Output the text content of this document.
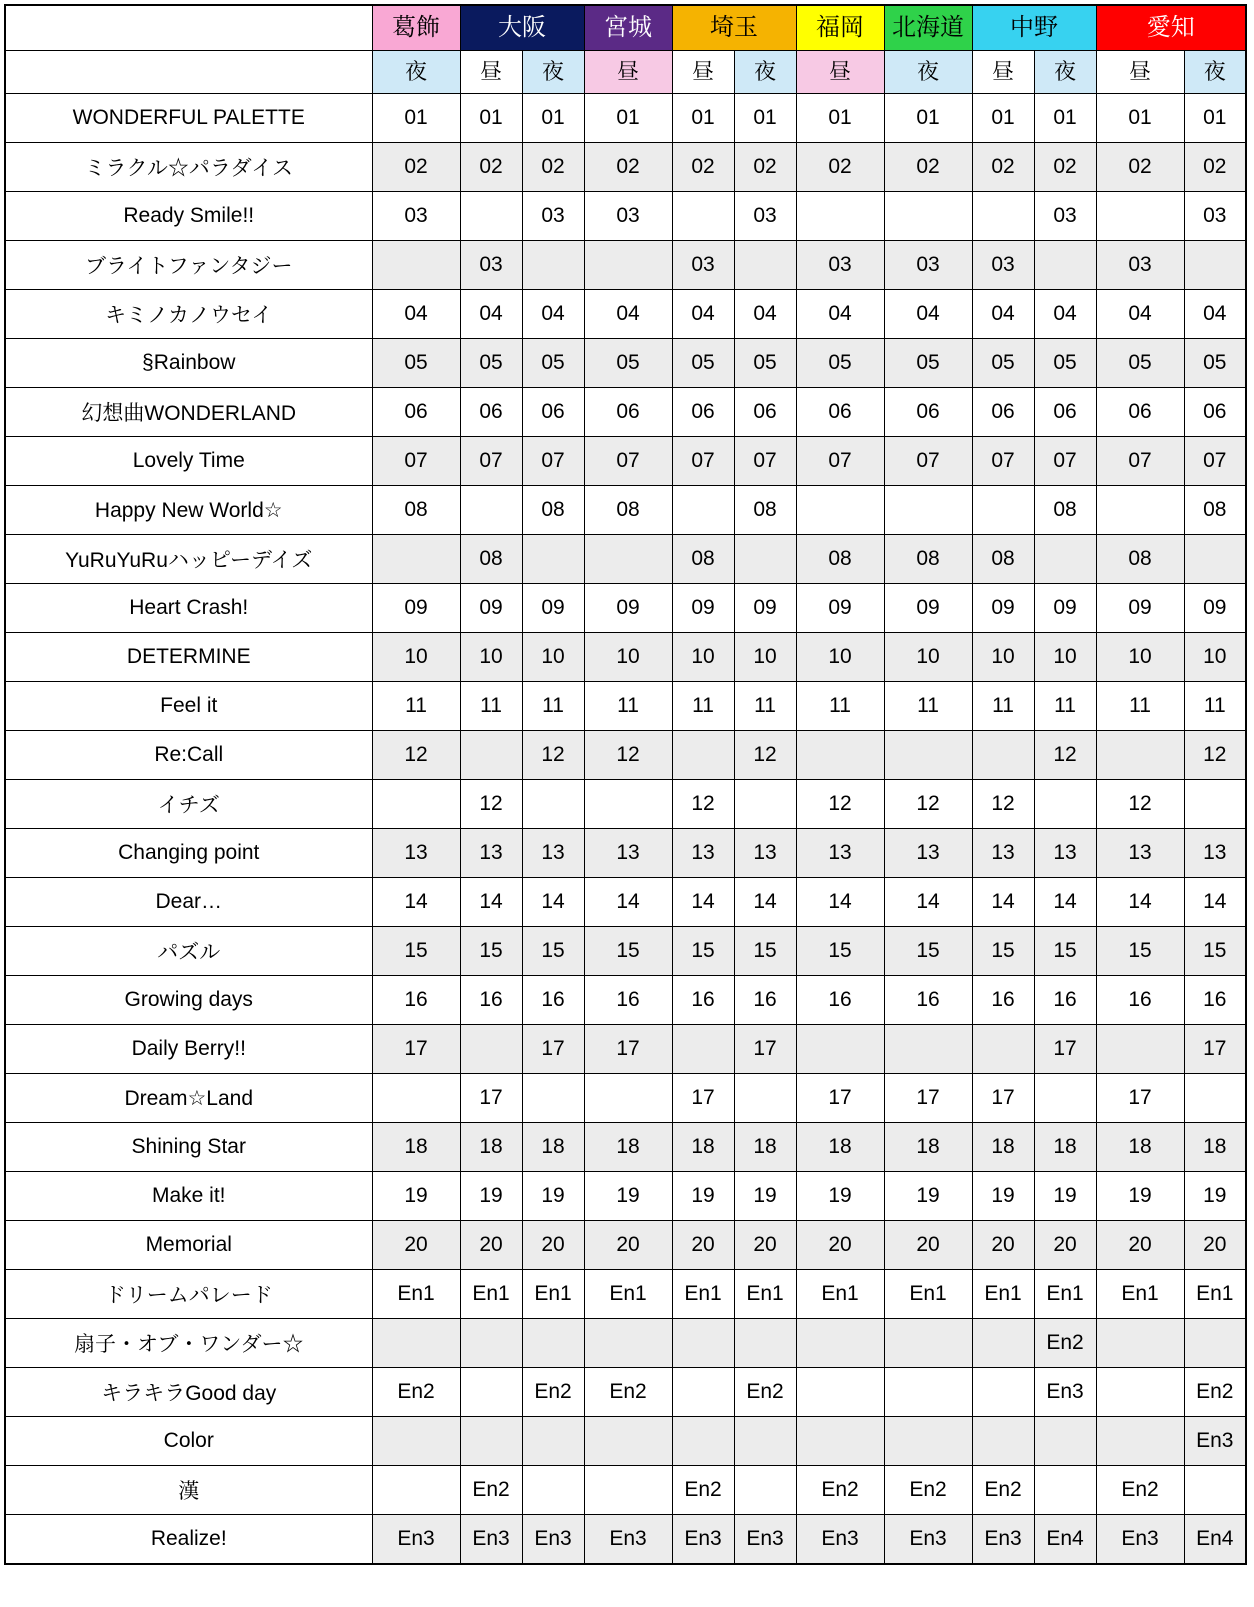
	葛飾	大阪		宮城	埼玉		福岡	北海道	中野		愛知	
	夜	昼	夜	昼	昼	夜	昼	夜	昼	夜	昼	夜
WONDERFUL PALETTE	01	01	01	01	01	01	01	01	01	01	01	01
ミラクル☆パラダイス	02	02	02	02	02	02	02	02	02	02	02	02
Ready Smile!!	03		03	03		03				03		03
ブライトファンタジー		03			03		03	03	03		03	
キミノカノウセイ	04	04	04	04	04	04	04	04	04	04	04	04
§Rainbow	05	05	05	05	05	05	05	05	05	05	05	05
幻想曲WONDERLAND	06	06	06	06	06	06	06	06	06	06	06	06
Lovely Time	07	07	07	07	07	07	07	07	07	07	07	07
Happy New World☆	08		08	08		08				08		08
YuRuYuRuハッピーデイズ		08			08		08	08	08		08	
Heart Crash!	09	09	09	09	09	09	09	09	09	09	09	09
DETERMINE	10	10	10	10	10	10	10	10	10	10	10	10
Feel it	11	11	11	11	11	11	11	11	11	11	11	11
Re:Call	12		12	12		12				12		12
イチズ		12			12		12	12	12		12	
Changing point	13	13	13	13	13	13	13	13	13	13	13	13
Dear…	14	14	14	14	14	14	14	14	14	14	14	14
パズル	15	15	15	15	15	15	15	15	15	15	15	15
Growing days	16	16	16	16	16	16	16	16	16	16	16	16
Daily Berry!!	17		17	17		17				17		17
Dream☆Land		17			17		17	17	17		17	
Shining Star	18	18	18	18	18	18	18	18	18	18	18	18
Make it!	19	19	19	19	19	19	19	19	19	19	19	19
Memorial	20	20	20	20	20	20	20	20	20	20	20	20
ドリームパレード	En1	En1	En1	En1	En1	En1	En1	En1	En1	En1	En1	En1
扇子・オブ・ワンダー☆										En2		
キラキラGood day	En2		En2	En2		En2				En3		En2
Color												En3
漢		En2			En2		En2	En2	En2		En2	
Realize!	En3	En3	En3	En3	En3	En3	En3	En3	En3	En4	En3	En4
